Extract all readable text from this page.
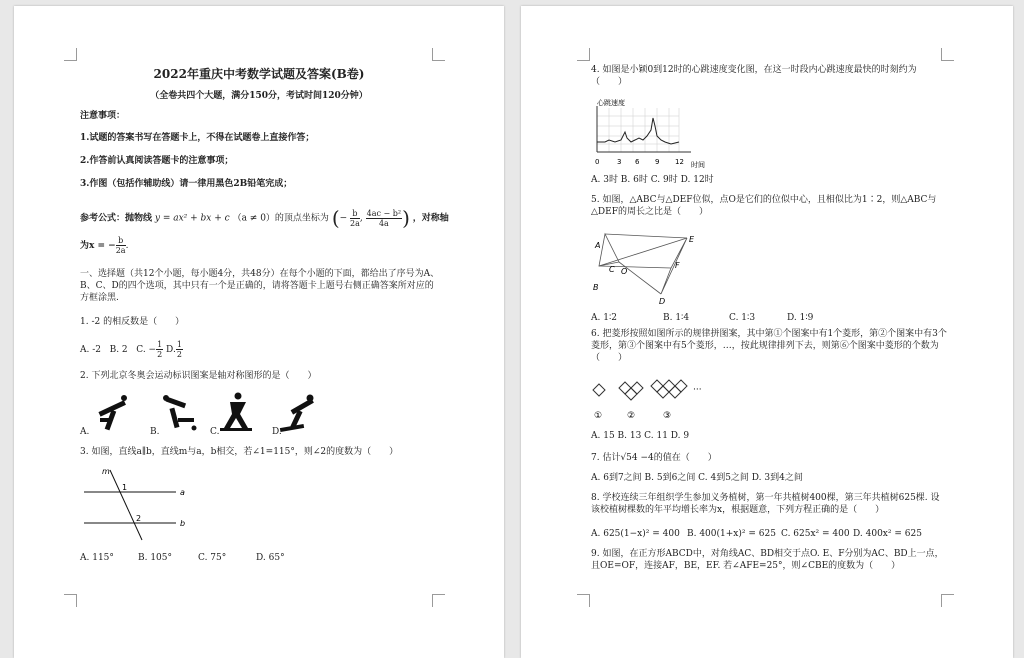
2022年重庆中考数学试题及答案(B卷)
（全卷共四个大题，满分150分，考试时间120分钟）
注意事项：
1.试题的答案书写在答题卡上，不得在试题卷上直接作答；
2.作答前认真阅读答题卡的注意事项；
3.作图（包括作辅助线）请一律用黑色2B铅笔完成；
参考公式：抛物线 y = ax² + bx + c （a ≠ 0）的顶点坐标为 (− $\frac{b}{2a}$ , $\frac{\text{4ac − b²}}{4a}$ ) ，对称轴
为x = − $\frac{b}{2a}$ .
一、选择题（共12个小题，每小题4分，共48分）在每个小题的下面，都给出了序号为A、B、C、D的四个选项，其中只有一个是正确的，请将答题卡上题号右侧正确答案所对应的方框涂黑.
1. -2 的相反数是（　　）
A. -2 B. 2 C. − $\frac{1}{2} D$. $\frac{1}{2}$
2. 下列北京冬奥会运动标识图案是轴对称图形的是（　　）
A.	B.	C.	D.
3. 如图，直线a∥b，直线m与a，b相交，若∠1=115°，则∠2的度数为（　　）
m
a
b
1
2
A. 115°	B. 105°	C. 75°	D. 65°
4. 如图是小颖0到12时的心跳速度变化图，在这一时段内心跳速度最快的时刻约为（　　）
心跳速度
时间
0	3 6 9 12
A. 3时 B. 6时 C. 9时 D. 12时
5. 如图，△ABC与△DEF位似，点O是它们的位似中心，且相似比为1∶2，则△ABC与△DEF的周长之比是（　　）
A
B
C O
D
E
F
A. 1∶2	B. 1∶4	C. 1∶3	D. 1∶9
6. 把菱形按照如图所示的规律拼图案，其中第①个图案中有1个菱形，第②个图案中有3个菱形，第③个图案中有5个菱形，…，按此规律排列下去，则第⑥个图案中菱形的个数为（　　）
···
①	②	③
A. 15 B. 13 C. 11 D. 9
7. 估计√54 −4的值在（　　）
A. 6到7之间 B. 5到6之间 C. 4到5之间 D. 3到4之间
8. 学校连续三年组织学生参加义务植树，第一年共植树400棵，第三年共植树625棵. 设该校植树棵数的年平均增长率为x，根据题意，下列方程正确的是（　　）
A. 625(1−x)² = 400 B. 400(1+x)² = 625 C. 625x² = 400 D. 400x² = 625
9. 如图，在正方形ABCD中，对角线AC、BD相交于点O. E、F分别为AC、BD上一点，且OE=OF，连接AF，BE，EF. 若∠AFE=25°，则∠CBE的度数为（　　）
